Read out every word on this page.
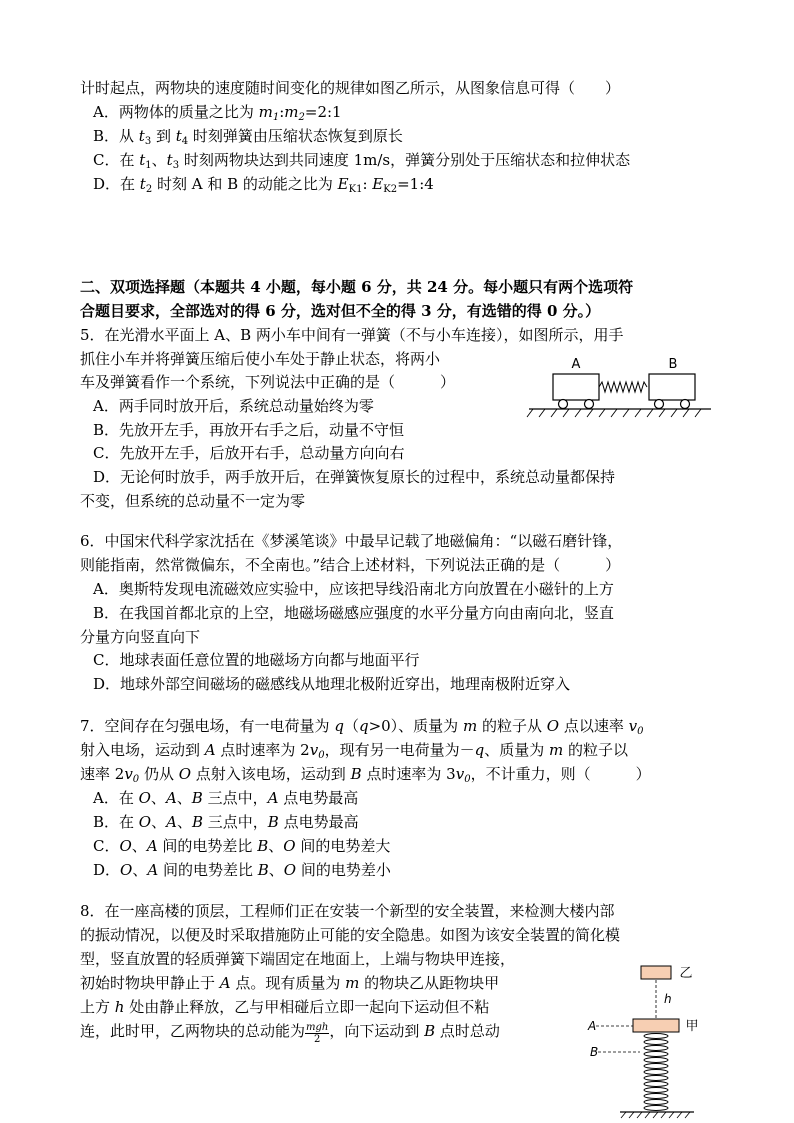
计时起点，两物块的速度随时间变化的规律如图乙所示，从图象信息可得（　　）
A．两物体的质量之比为 $m_1:m_2=2:1$
B．从 $t_3$ 到 $t_4$ 时刻弹簧由压缩状态恢复到原长
C．在 $t_1$、$t_3$ 时刻两物块达到共同速度 1m/s，弹簧分别处于压缩状态和拉伸状态
D．在 $t_2$ 时刻 A 和 B 的动能之比为 $E_{K1}$: $E_{K2}=1:4$
二、双项选择题（本题共 4 小题，每小题 6 分，共 24 分。每小题只有两个选项符
合题目要求，全部选对的得 6 分，选对但不全的得 3 分，有选错的得 0 分。）
5．在光滑水平面上 A、B 两小车中间有一弹簧（不与小车连接），如图所示，用手
抓住小车并将弹簧压缩后使小车处于静止状态，将两小
车及弹簧看作一个系统，下列说法中正确的是（　　　）
A．两手同时放开后，系统总动量始终为零
B．先放开左手，再放开右手之后，动量不守恒
C．先放开左手，后放开右手，总动量方向向右
D．无论何时放手，两手放开后，在弹簧恢复原长的过程中，系统总动量都保持
不变，但系统的总动量不一定为零
A	B
6．中国宋代科学家沈括在《梦溪笔谈》中最早记载了地磁偏角：“以磁石磨针锋，
则能指南，然常微偏东，不全南也。”结合上述材料，下列说法正确的是（　　　）
A．奥斯特发现电流磁效应实验中，应该把导线沿南北方向放置在小磁针的上方
B．在我国首都北京的上空，地磁场磁感应强度的水平分量方向由南向北，竖直
分量方向竖直向下
C．地球表面任意位置的地磁场方向都与地面平行
D．地球外部空间磁场的磁感线从地理北极附近穿出，地理南极附近穿入
7．空间存在匀强电场，有一电荷量为 q（q>0）、质量为 m 的粒子从 O 点以速率 $v_0$
射入电场，运动到 A 点时速率为 $2v_0$，现有另一电荷量为－q、质量为 m 的粒子以
速率 $2v_0$ 仍从 O 点射入该电场，运动到 B 点时速率为 $3v_0$，不计重力，则（　　　）
A．在 O、A、B 三点中，A 点电势最高
B．在 O、A、B 三点中，B 点电势最高
C．O、A 间的电势差比 B、O 间的电势差大
D．O、A 间的电势差比 B、O 间的电势差小
8．在一座高楼的顶层，工程师们正在安装一个新型的安全装置，来检测大楼内部
的振动情况，以便及时采取措施防止可能的安全隐患。如图为该安全装置的简化模
型，竖直放置的轻质弹簧下端固定在地面上，上端与物块甲连接，
初始时物块甲静止于 A 点。现有质量为 m 的物块乙从距物块甲
上方 h 处由静止释放，乙与甲相碰后立即一起向下运动但不粘
连，此时甲，乙两物块的总动能为 $\frac{\text{mgh}}{2}$ ，向下运动到 B 点时总动
乙
h
A	甲
B
